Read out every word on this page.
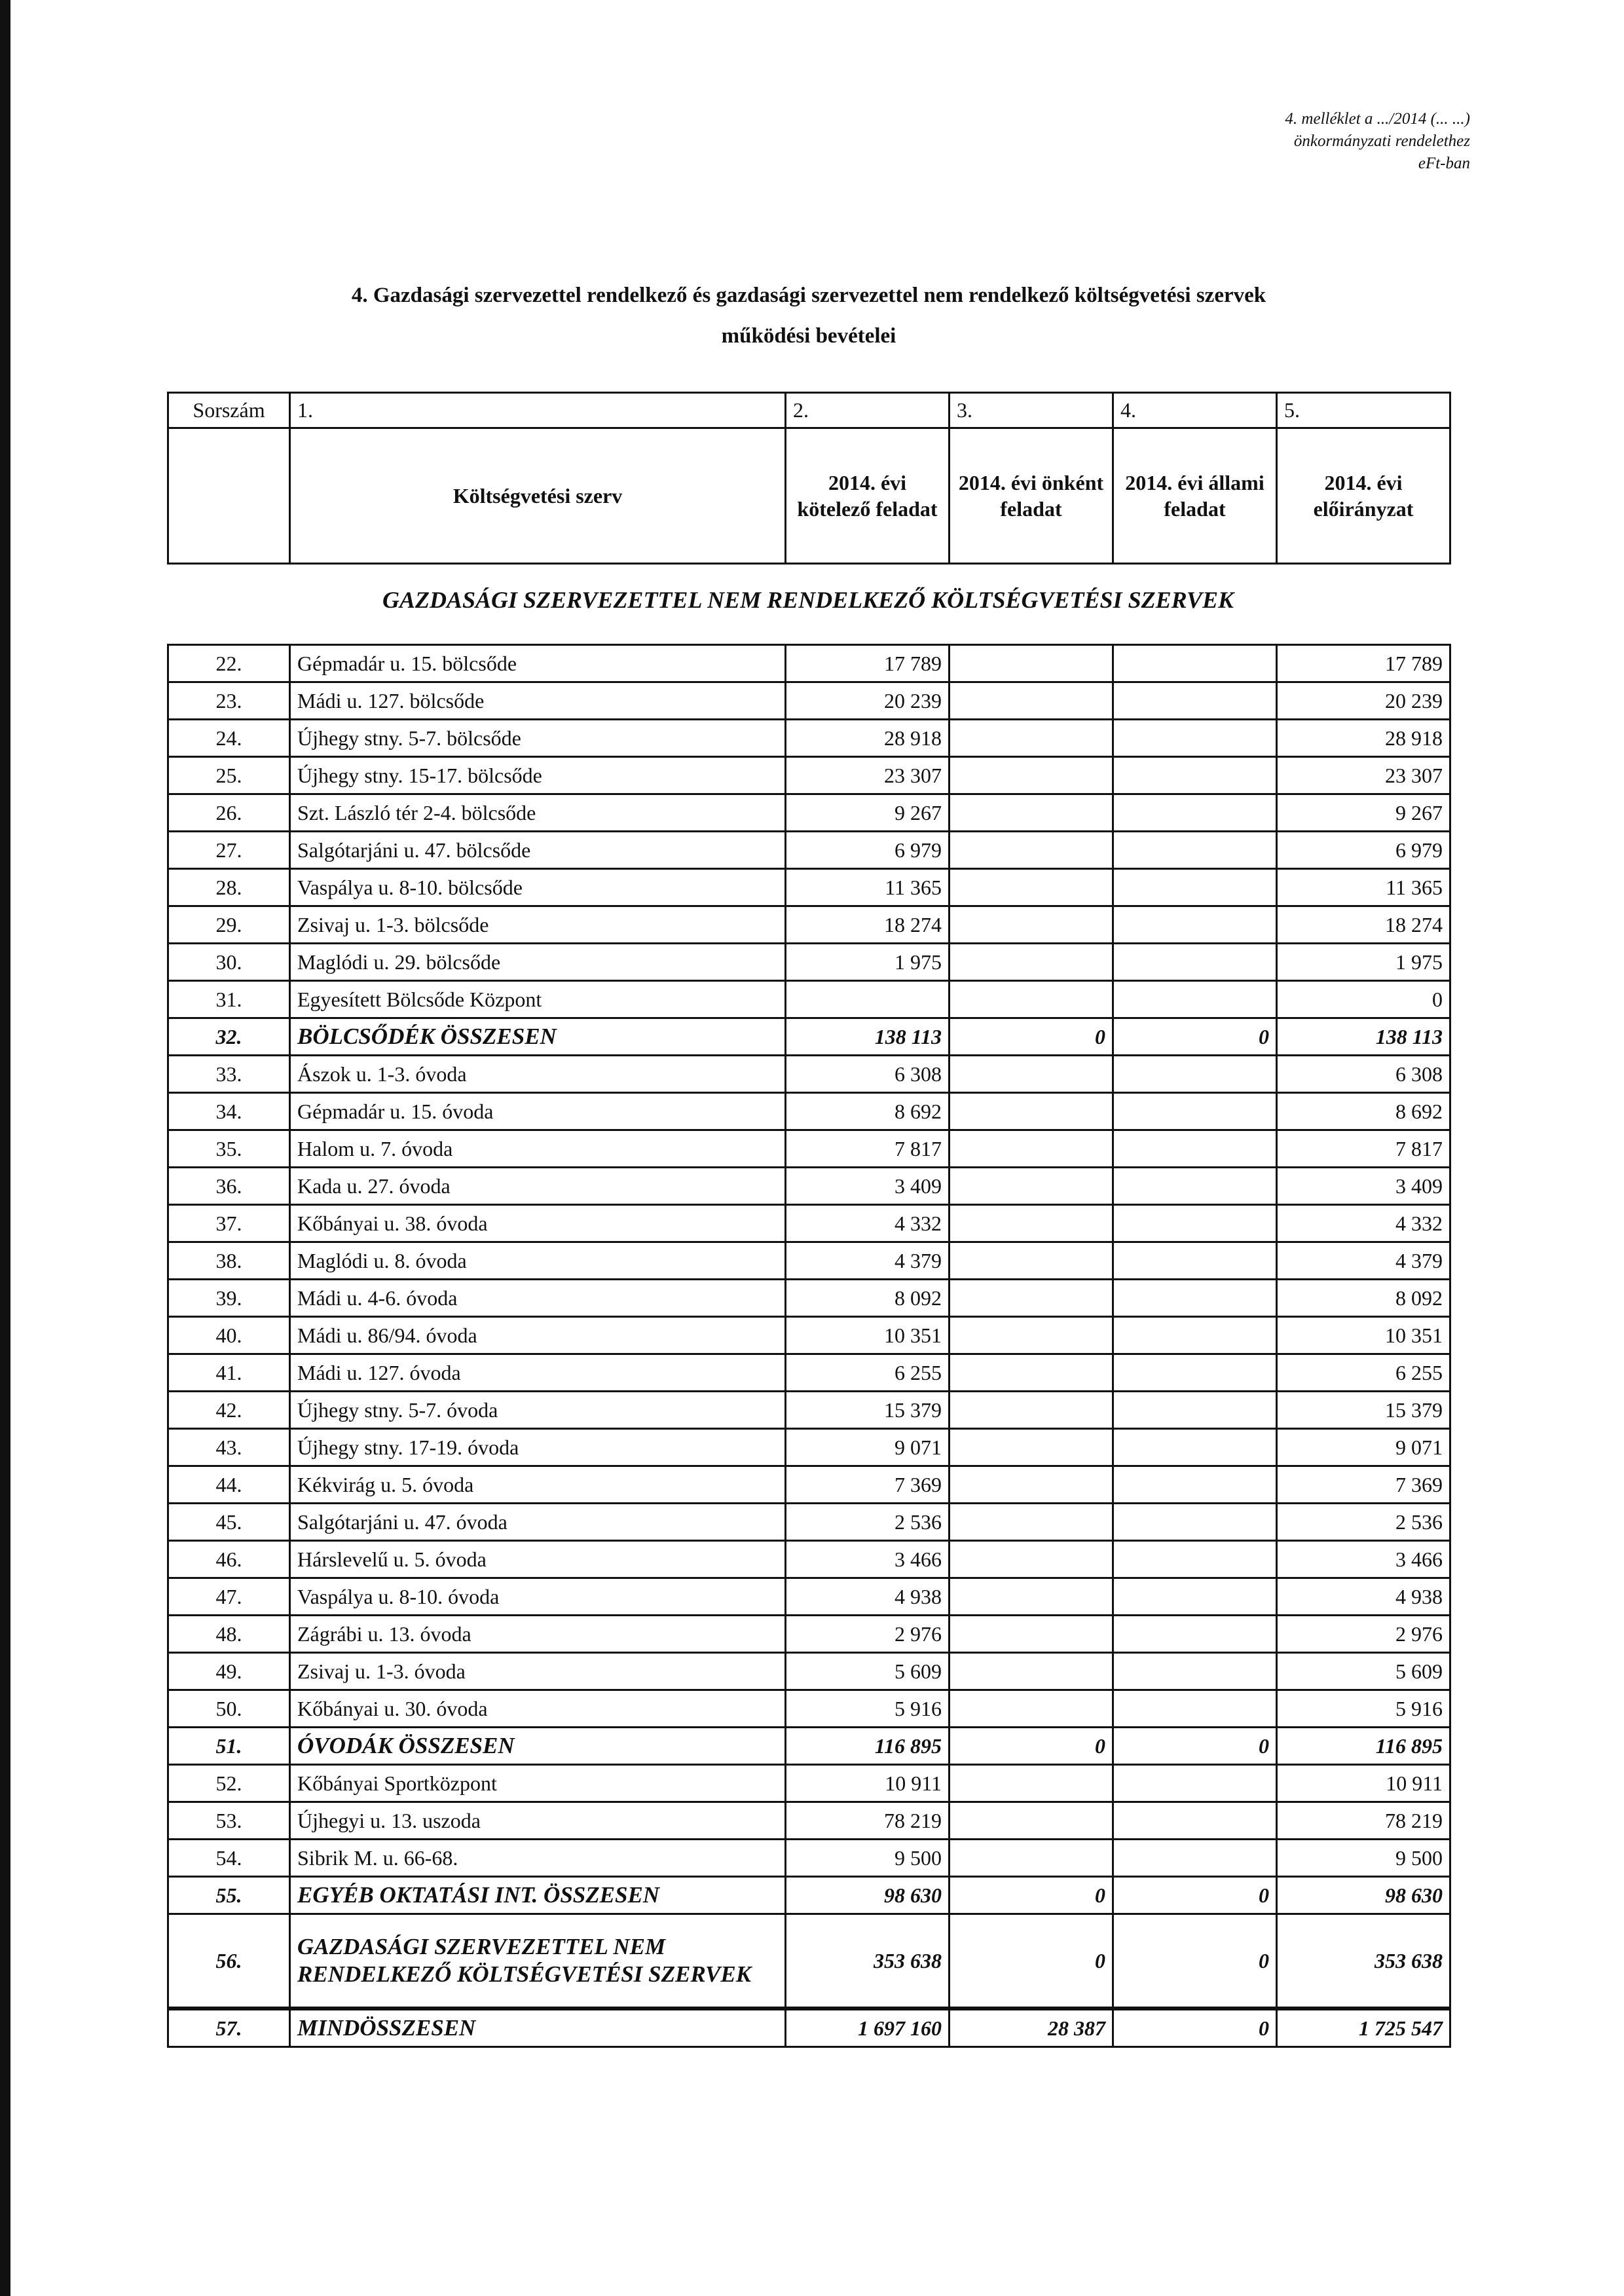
4. melléklet a .../2014 (... ...)
önkormányzati rendelethez
eFt-ban
4. Gazdasági szervezettel rendelkező és gazdasági szervezettel nem rendelkező költségvetési szervek
működési bevételei
Sorszám	1.	2.	3.	4.	5.
	Költségvetési szerv	2014. évi kötelező feladat	2014. évi önként feladat	2014. évi állami feladat	2014. évi előirányzat
GAZDASÁGI SZERVEZETTEL NEM RENDELKEZŐ KÖLTSÉGVETÉSI SZERVEK
22.	Gépmadár u. 15. bölcsőde	17 789			17 789
23.	Mádi u. 127. bölcsőde	20 239			20 239
24.	Újhegy stny. 5-7. bölcsőde	28 918			28 918
25.	Újhegy stny. 15-17. bölcsőde	23 307			23 307
26.	Szt. László tér 2-4. bölcsőde	9 267			9 267
27.	Salgótarjáni u. 47. bölcsőde	6 979			6 979
28.	Vaspálya u. 8-10. bölcsőde	11 365			11 365
29.	Zsivaj u. 1-3. bölcsőde	18 274			18 274
30.	Maglódi u. 29. bölcsőde	1 975			1 975
31.	Egyesített Bölcsőde Központ				0
32.	BÖLCSŐDÉK ÖSSZESEN	138 113	0	0	138 113
33.	Ászok u. 1-3. óvoda	6 308			6 308
34.	Gépmadár u. 15. óvoda	8 692			8 692
35.	Halom u. 7. óvoda	7 817			7 817
36.	Kada u. 27. óvoda	3 409			3 409
37.	Kőbányai u. 38. óvoda	4 332			4 332
38.	Maglódi u. 8. óvoda	4 379			4 379
39.	Mádi u. 4-6. óvoda	8 092			8 092
40.	Mádi u. 86/94. óvoda	10 351			10 351
41.	Mádi u. 127. óvoda	6 255			6 255
42.	Újhegy stny. 5-7. óvoda	15 379			15 379
43.	Újhegy stny. 17-19. óvoda	9 071			9 071
44.	Kékvirág u. 5. óvoda	7 369			7 369
45.	Salgótarjáni u. 47. óvoda	2 536			2 536
46.	Hárslevelű u. 5. óvoda	3 466			3 466
47.	Vaspálya u. 8-10. óvoda	4 938			4 938
48.	Zágrábi u. 13. óvoda	2 976			2 976
49.	Zsivaj u. 1-3. óvoda	5 609			5 609
50.	Kőbányai u. 30. óvoda	5 916			5 916
51.	ÓVODÁK ÖSSZESEN	116 895	0	0	116 895
52.	Kőbányai Sportközpont	10 911			10 911
53.	Újhegyi u. 13. uszoda	78 219			78 219
54.	Sibrik M. u. 66-68.	9 500			9 500
55.	EGYÉB OKTATÁSI INT. ÖSSZESEN	98 630	0	0	98 630
56.	GAZDASÁGI SZERVEZETTEL NEM RENDELKEZŐ KÖLTSÉGVETÉSI SZERVEK	353 638	0	0	353 638
57.	MINDÖSSZESEN	1 697 160	28 387	0	1 725 547
